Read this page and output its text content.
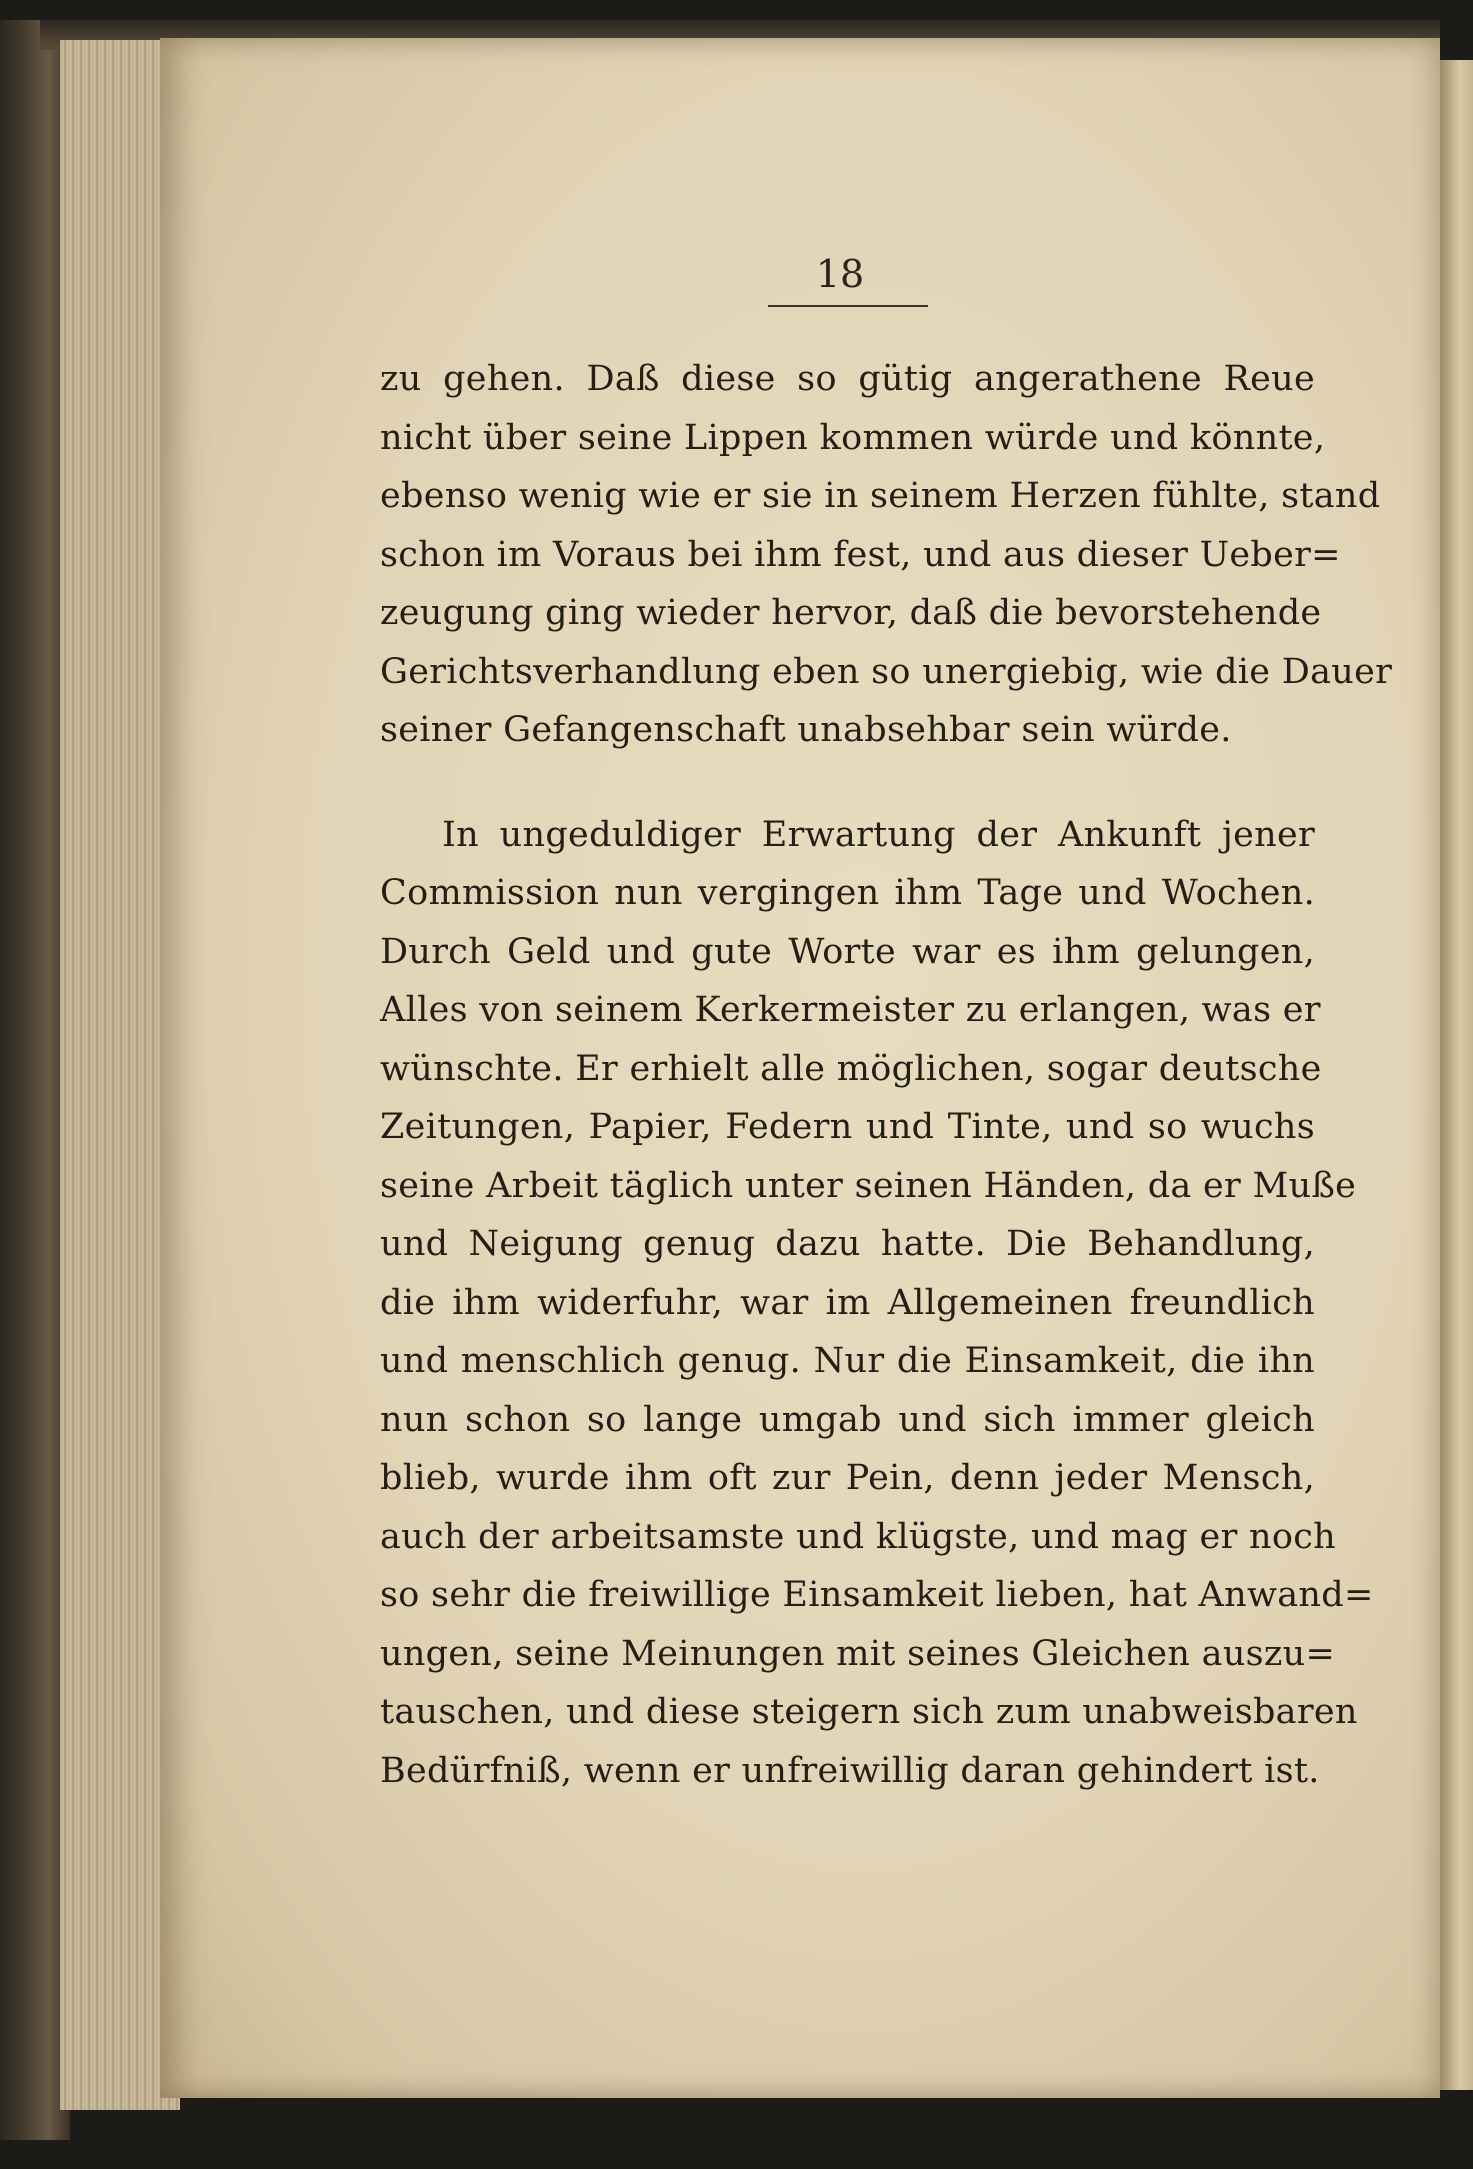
18
zu gehen. Daß diese so gütig angerathene Reue
nicht über seine Lippen kommen würde und könnte,
ebenso wenig wie er sie in seinem Herzen fühlte, stand
schon im Voraus bei ihm fest, und aus dieser Ueber=
zeugung ging wieder hervor, daß die bevorstehende
Gerichtsverhandlung eben so unergiebig, wie die Dauer
seiner Gefangenschaft unabsehbar sein würde.
In ungeduldiger Erwartung der Ankunft jener
Commission nun vergingen ihm Tage und Wochen.
Durch Geld und gute Worte war es ihm gelungen,
Alles von seinem Kerkermeister zu erlangen, was er
wünschte. Er erhielt alle möglichen, sogar deutsche
Zeitungen, Papier, Federn und Tinte, und so wuchs
seine Arbeit täglich unter seinen Händen, da er Muße
und Neigung genug dazu hatte. Die Behandlung,
die ihm widerfuhr, war im Allgemeinen freundlich
und menschlich genug. Nur die Einsamkeit, die ihn
nun schon so lange umgab und sich immer gleich
blieb, wurde ihm oft zur Pein, denn jeder Mensch,
auch der arbeitsamste und klügste, und mag er noch
so sehr die freiwillige Einsamkeit lieben, hat Anwand=
ungen, seine Meinungen mit seines Gleichen auszu=
tauschen, und diese steigern sich zum unabweisbaren
Bedürfniß, wenn er unfreiwillig daran gehindert ist.
